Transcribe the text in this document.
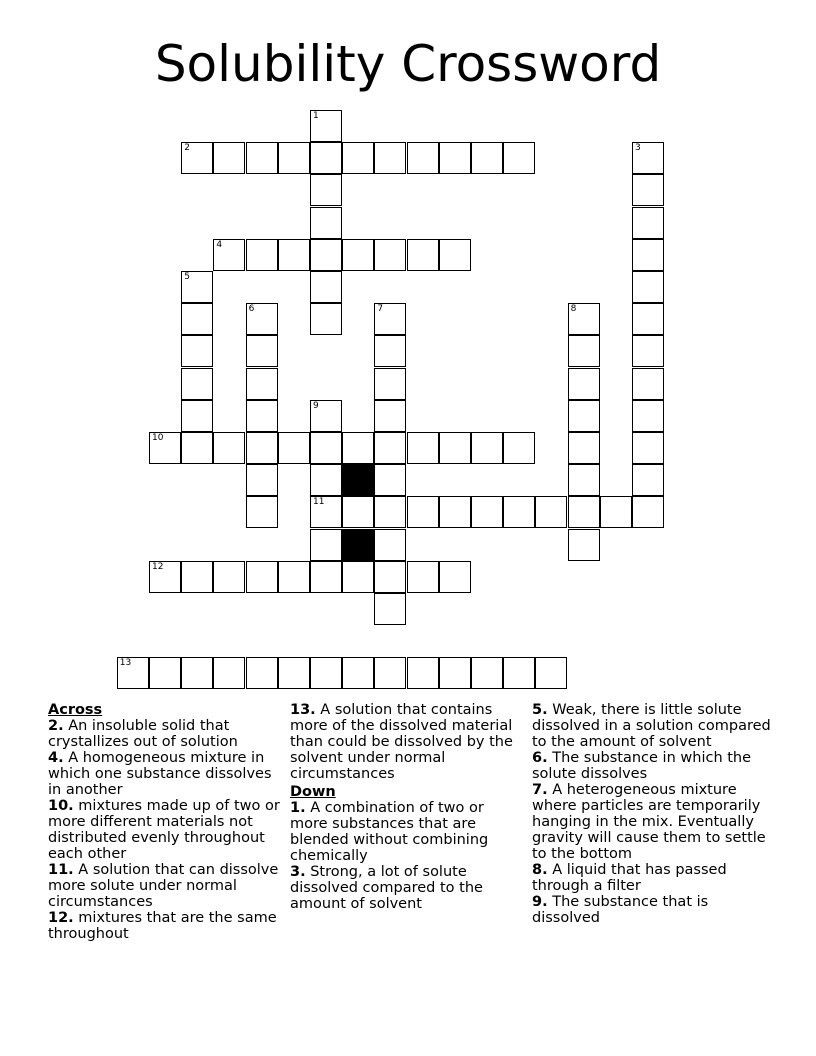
Solubility Crossword
2
4
10
11
12
13
1
3
5
6	7	8
9
Across
2. An insoluble solid that crystallizes out of solution
4. A homogeneous mixture in which one substance dissolves in another
10. mixtures made up of two or more different materials not distributed evenly throughout each other
11. A solution that can dissolve more solute under normal circumstances
12. mixtures that are the same throughout
13. A solution that contains more of the dissolved material than could be dissolved by the solvent under normal circumstances
Down
1. A combination of two or more substances that are blended without combining chemically
3. Strong, a lot of solute dissolved compared to the amount of solvent
5. Weak, there is little solute dissolved in a solution compared to the amount of solvent
6. The substance in which the solute dissolves
7. A heterogeneous mixture where particles are temporarily hanging in the mix. Eventually gravity will cause them to settle to the bottom
8. A liquid that has passed through a filter
9. The substance that is dissolved
